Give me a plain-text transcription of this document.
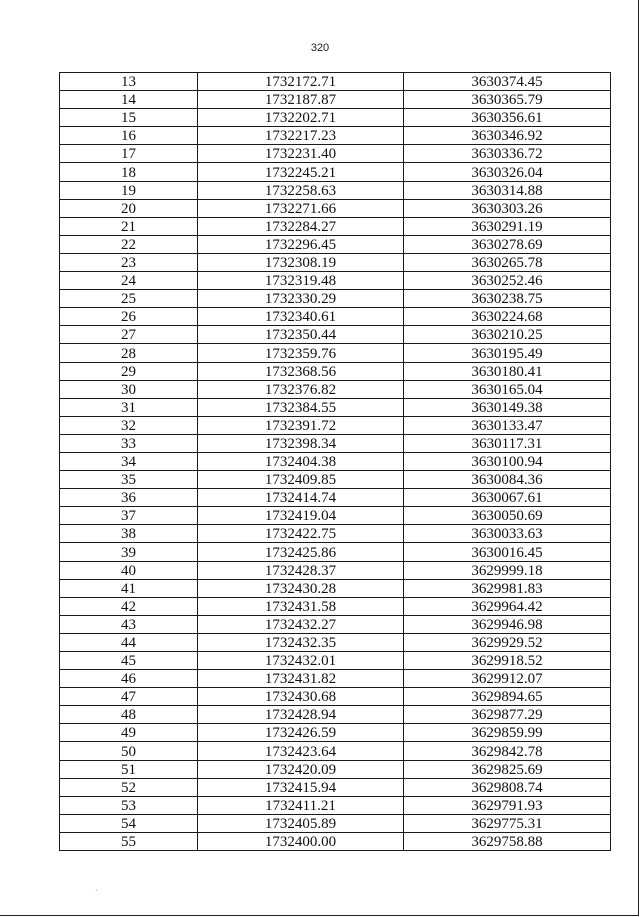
320
13	1732172.71	3630374.45
14	1732187.87	3630365.79
15	1732202.71	3630356.61
16	1732217.23	3630346.92
17	1732231.40	3630336.72
18	1732245.21	3630326.04
19	1732258.63	3630314.88
20	1732271.66	3630303.26
21	1732284.27	3630291.19
22	1732296.45	3630278.69
23	1732308.19	3630265.78
24	1732319.48	3630252.46
25	1732330.29	3630238.75
26	1732340.61	3630224.68
27	1732350.44	3630210.25
28	1732359.76	3630195.49
29	1732368.56	3630180.41
30	1732376.82	3630165.04
31	1732384.55	3630149.38
32	1732391.72	3630133.47
33	1732398.34	3630117.31
34	1732404.38	3630100.94
35	1732409.85	3630084.36
36	1732414.74	3630067.61
37	1732419.04	3630050.69
38	1732422.75	3630033.63
39	1732425.86	3630016.45
40	1732428.37	3629999.18
41	1732430.28	3629981.83
42	1732431.58	3629964.42
43	1732432.27	3629946.98
44	1732432.35	3629929.52
45	1732432.01	3629918.52
46	1732431.82	3629912.07
47	1732430.68	3629894.65
48	1732428.94	3629877.29
49	1732426.59	3629859.99
50	1732423.64	3629842.78
51	1732420.09	3629825.69
52	1732415.94	3629808.74
53	1732411.21	3629791.93
54	1732405.89	3629775.31
55	1732400.00	3629758.88
·
